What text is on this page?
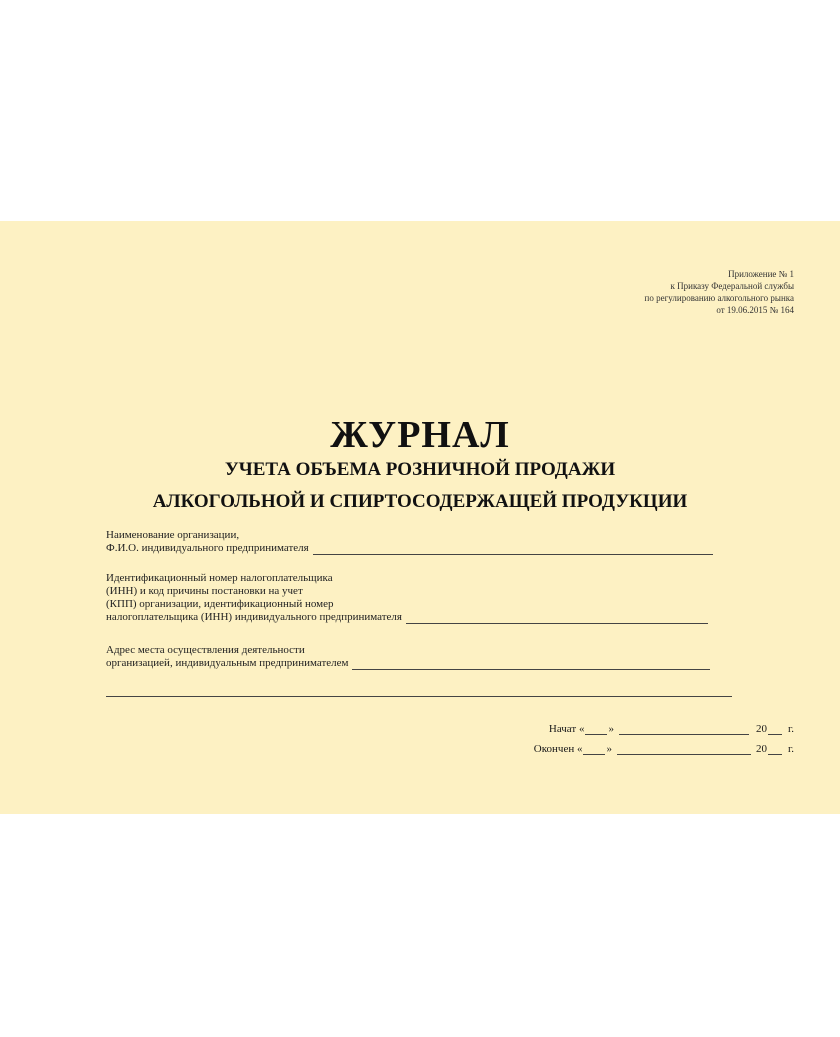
Приложение № 1
к Приказу Федеральной службы
по регулированию алкогольного рынка
от 19.06.2015 № 164
ЖУРНАЛ
УЧЕТА ОБЪЕМА РОЗНИЧНОЙ ПРОДАЖИ
АЛКОГОЛЬНОЙ И СПИРТОСОДЕРЖАЩЕЙ ПРОДУКЦИИ
Наименование организации,
Ф.И.О. индивидуального предпринимателя
Идентификационный номер налогоплательщика
(ИНН) и код причины постановки на учет
(КПП) организации, идентификационный номер
налогоплательщика (ИНН) индивидуального предпринимателя
Адрес места осуществления деятельности
организацией, индивидуальным предпринимателем
Начат « »	20 г.
Окончен « »	20 г.
